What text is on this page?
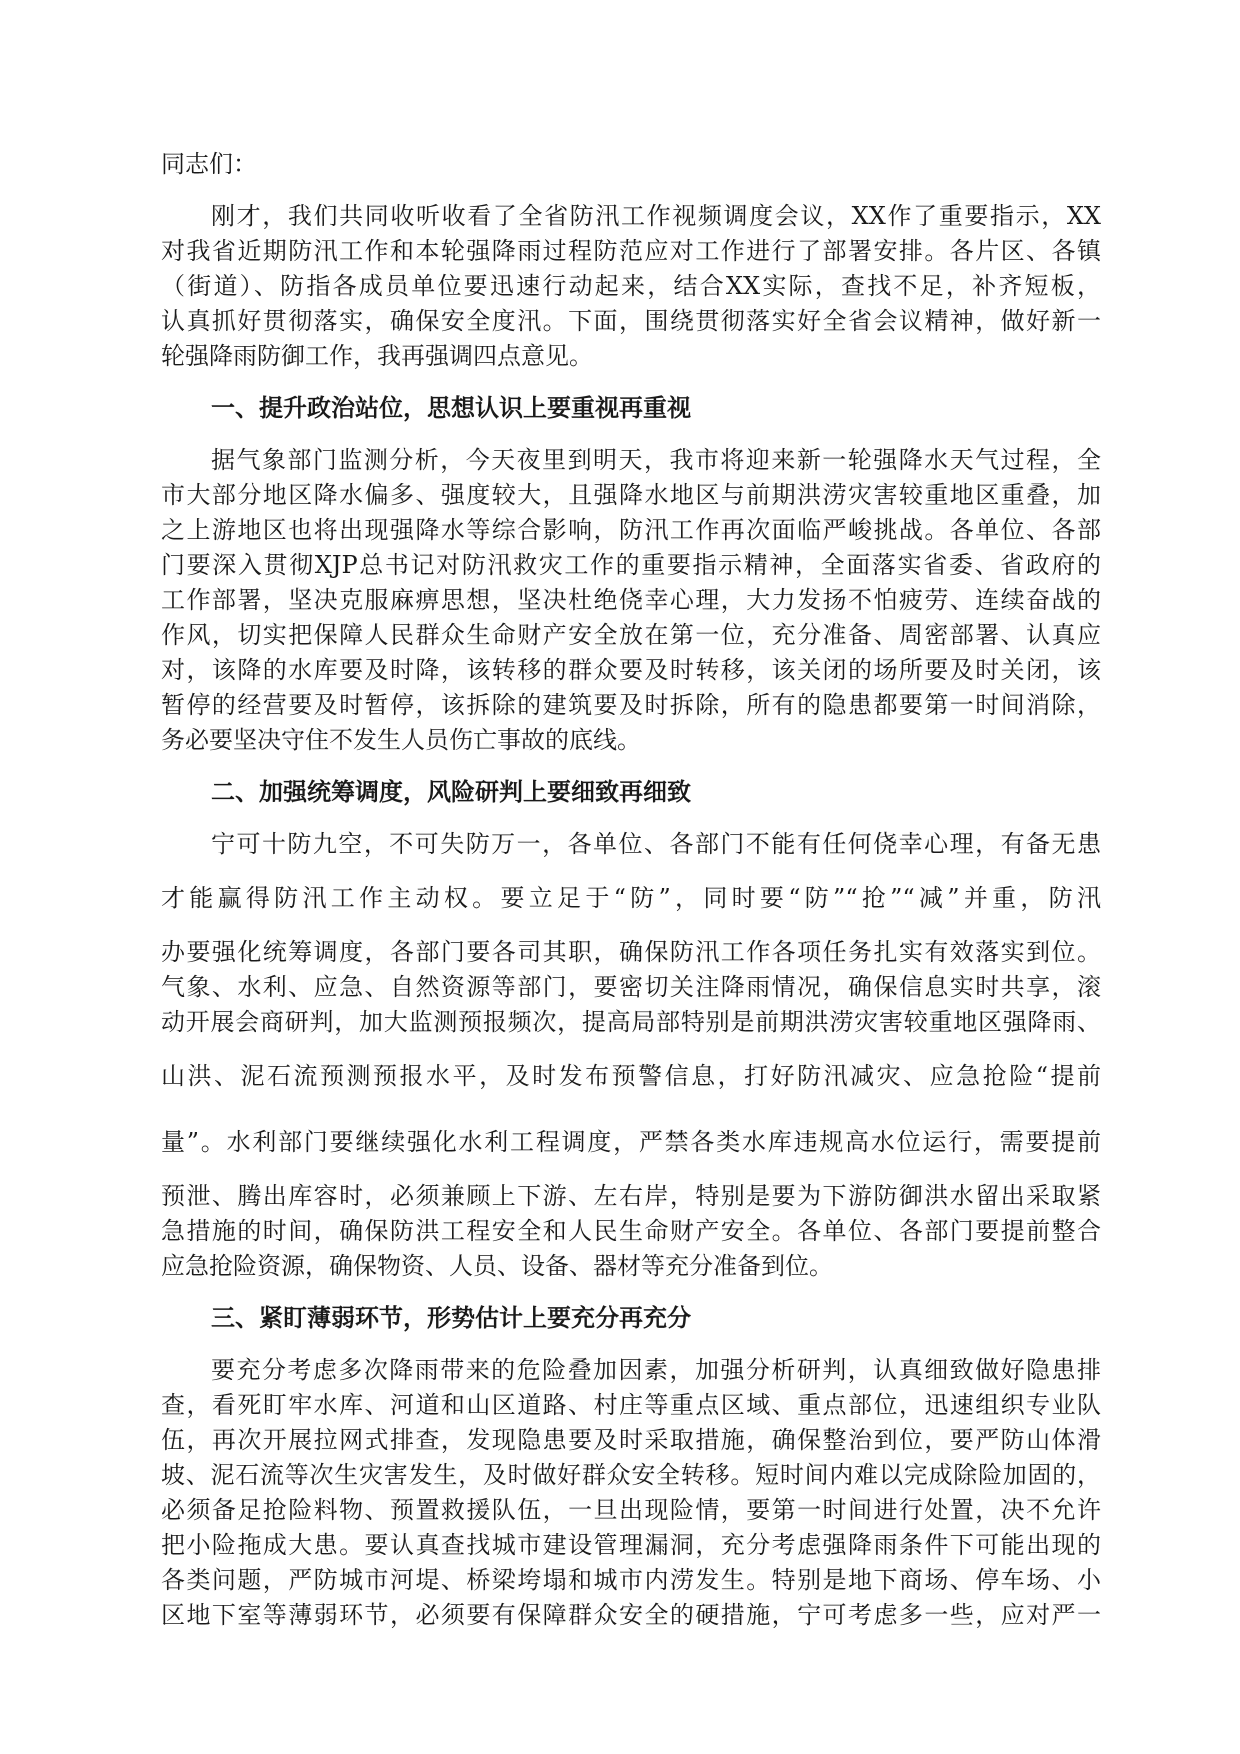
同志们：
刚才，我们共同收听收看了全省防汛工作视频调度会议，XX作了重要指示，XX
对我省近期防汛工作和本轮强降雨过程防范应对工作进行了部署安排。各片区、各镇
（街道）、防指各成员单位要迅速行动起来，结合XX实际，查找不足，补齐短板，
认真抓好贯彻落实，确保安全度汛。下面，围绕贯彻落实好全省会议精神，做好新一
轮强降雨防御工作，我再强调四点意见。
一、提升政治站位，思想认识上要重视再重视
据气象部门监测分析，今天夜里到明天，我市将迎来新一轮强降水天气过程，全
市大部分地区降水偏多、强度较大，且强降水地区与前期洪涝灾害较重地区重叠，加
之上游地区也将出现强降水等综合影响，防汛工作再次面临严峻挑战。各单位、各部
门要深入贯彻XJP总书记对防汛救灾工作的重要指示精神，全面落实省委、省政府的
工作部署，坚决克服麻痹思想，坚决杜绝侥幸心理，大力发扬不怕疲劳、连续奋战的
作风，切实把保障人民群众生命财产安全放在第一位，充分准备、周密部署、认真应
对，该降的水库要及时降，该转移的群众要及时转移，该关闭的场所要及时关闭，该
暂停的经营要及时暂停，该拆除的建筑要及时拆除，所有的隐患都要第一时间消除，
务必要坚决守住不发生人员伤亡事故的底线。
二、加强统筹调度，风险研判上要细致再细致
宁可十防九空，不可失防万一，各单位、各部门不能有任何侥幸心理，有备无患
才能赢得防汛工作主动权。要立足于“防”，同时要“防”“抢”“减”并重，防汛
办要强化统筹调度，各部门要各司其职，确保防汛工作各项任务扎实有效落实到位。
气象、水利、应急、自然资源等部门，要密切关注降雨情况，确保信息实时共享，滚
动开展会商研判，加大监测预报频次，提高局部特别是前期洪涝灾害较重地区强降雨、
山洪、泥石流预测预报水平，及时发布预警信息，打好防汛减灾、应急抢险“提前
量”。水利部门要继续强化水利工程调度，严禁各类水库违规高水位运行，需要提前
预泄、腾出库容时，必须兼顾上下游、左右岸，特别是要为下游防御洪水留出采取紧
急措施的时间，确保防洪工程安全和人民生命财产安全。各单位、各部门要提前整合
应急抢险资源，确保物资、人员、设备、器材等充分准备到位。
三、紧盯薄弱环节，形势估计上要充分再充分
要充分考虑多次降雨带来的危险叠加因素，加强分析研判，认真细致做好隐患排
查，看死盯牢水库、河道和山区道路、村庄等重点区域、重点部位，迅速组织专业队
伍，再次开展拉网式排查，发现隐患要及时采取措施，确保整治到位，要严防山体滑
坡、泥石流等次生灾害发生，及时做好群众安全转移。短时间内难以完成除险加固的，
必须备足抢险料物、预置救援队伍，一旦出现险情，要第一时间进行处置，决不允许
把小险拖成大患。要认真查找城市建设管理漏洞，充分考虑强降雨条件下可能出现的
各类问题，严防城市河堤、桥梁垮塌和城市内涝发生。特别是地下商场、停车场、小
区地下室等薄弱环节，必须要有保障群众安全的硬措施，宁可考虑多一些，应对严一
